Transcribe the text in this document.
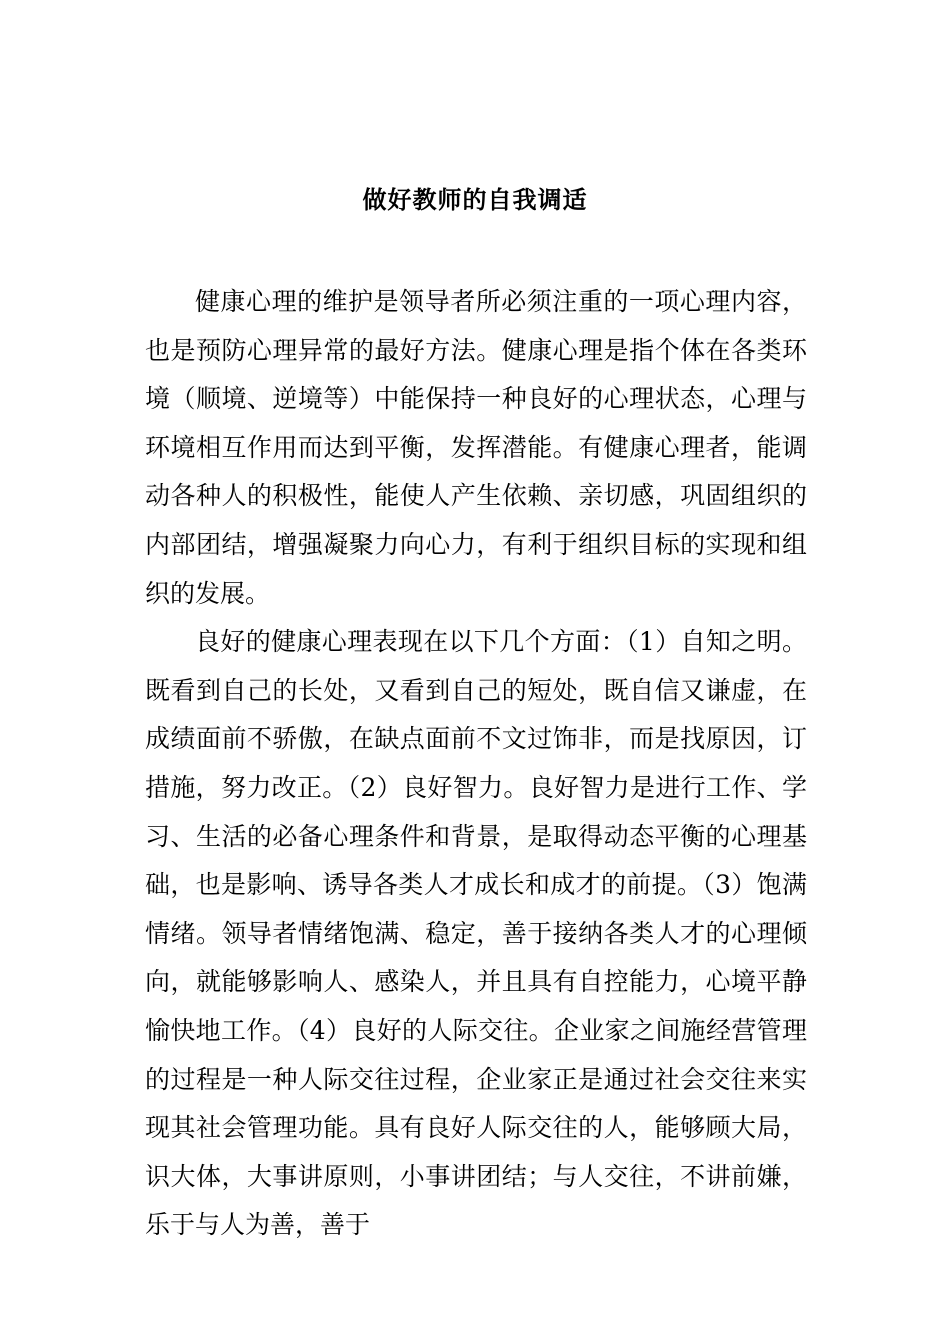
做好教师的自我调适

健康心理的维护是领导者所必须注重的一项心理内容，也是预防心理异常的最好方法。健康心理是指个体在各类环境（顺境、逆境等）中能保持一种良好的心理状态，心理与环境相互作用而达到平衡，发挥潜能。有健康心理者，能调动各种人的积极性，能使人产生依赖、亲切感，巩固组织的内部团结，增强凝聚力向心力，有利于组织目标的实现和组织的发展。

良好的健康心理表现在以下几个方面：（1）自知之明。既看到自己的长处，又看到自己的短处，既自信又谦虚，在成绩面前不骄傲，在缺点面前不文过饰非，而是找原因，订措施，努力改正。（2）良好智力。良好智力是进行工作、学习、生活的必备心理条件和背景，是取得动态平衡的心理基础，也是影响、诱导各类人才成长和成才的前提。（3）饱满情绪。领导者情绪饱满、稳定，善于接纳各类人才的心理倾向，就能够影响人、感染人，并且具有自控能力，心境平静愉快地工作。（4）良好的人际交往。企业家之间施经营管理的过程是一种人际交往过程，企业家正是通过社会交往来实现其社会管理功能。具有良好人际交往的人，能够顾大局，识大体，大事讲原则，小事讲团结；与人交往，不讲前嫌，乐于与人为善，善于
